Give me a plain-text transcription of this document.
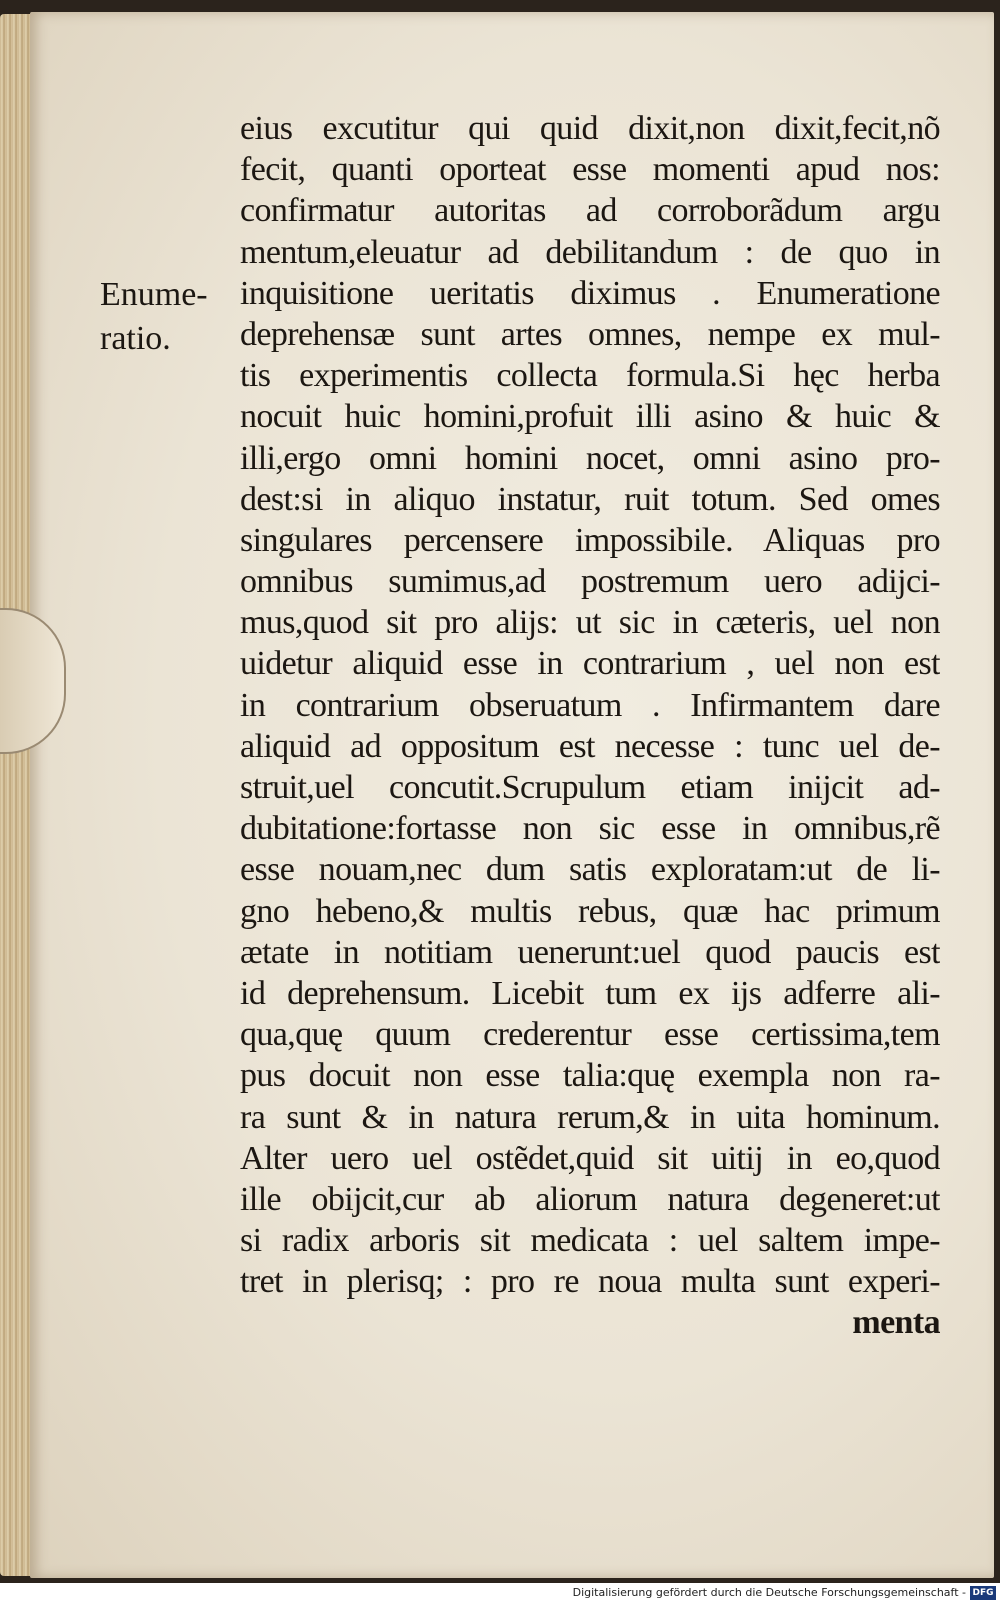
Enume-
ratio.
eius excutitur qui quid dixit,non dixit,fecit,nõ
fecit, quanti oporteat esse momenti apud nos:
confirmatur autoritas ad corroborãdum argu
mentum,eleuatur ad debilitandum : de quo in
inquisitione ueritatis diximus . Enumeratione
deprehensæ sunt artes omnes, nempe ex mul-
tis experimentis collecta formula.Si hęc herba
nocuit huic homini,profuit illi asino & huic &
illi,ergo omni homini nocet, omni asino pro-
dest:si in aliquo instatur, ruit totum. Sed omes
singulares percensere impossibile. Aliquas pro
omnibus sumimus,ad postremum uero adijci-
mus,quod sit pro alijs: ut sic in cæteris, uel non
uidetur aliquid esse in contrarium , uel non est
in contrarium obseruatum . Infirmantem dare
aliquid ad oppositum est necesse : tunc uel de-
struit,uel concutit.Scrupulum etiam inijcit ad-
dubitatione:fortasse non sic esse in omnibus,rẽ
esse nouam,nec dum satis exploratam:ut de li-
gno hebeno,& multis rebus, quæ hac primum
ætate in notitiam uenerunt:uel quod paucis est
id deprehensum. Licebit tum ex ijs adferre ali-
qua,quę quum crederentur esse certissima,tem
pus docuit non esse talia:quę exempla non ra-
ra sunt & in natura rerum,& in uita hominum.
Alter uero uel ostẽdet,quid sit uitij in eo,quod
ille obijcit,cur ab aliorum natura degeneret:ut
si radix arboris sit medicata : uel saltem impe-
tret in plerisq; : pro re noua multa sunt experi-
menta
Digitalisierung gefördert durch die Deutsche Forschungsgemeinschaft - DFG
